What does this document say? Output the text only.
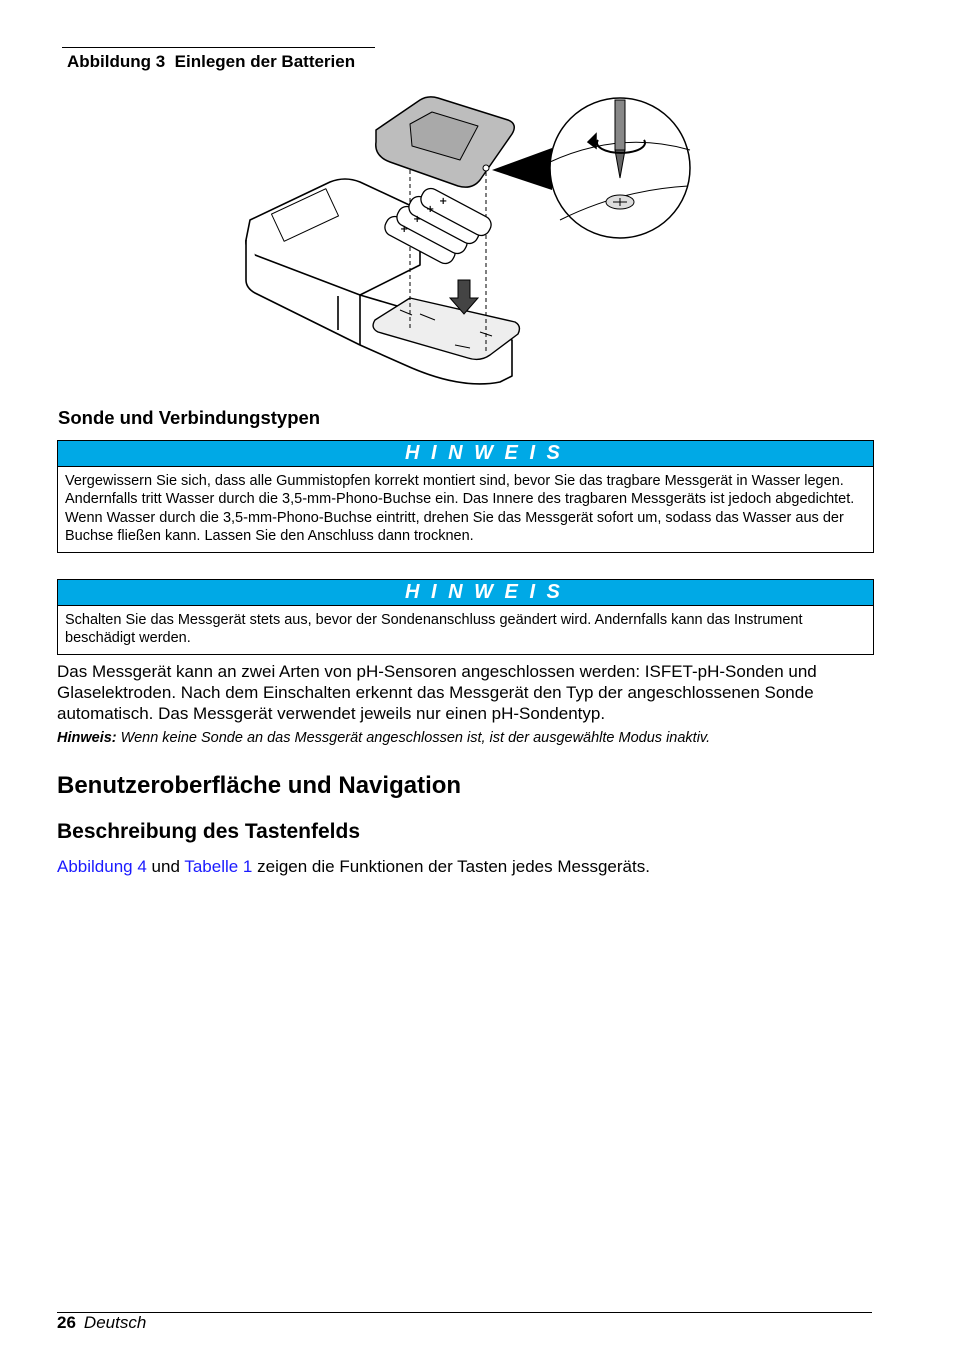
Abbildung 3 Einlegen der Batterien
+
+
+
+
Sonde und Verbindungstypen
H I N W E I S
Vergewissern Sie sich, dass alle Gummistopfen korrekt montiert sind, bevor Sie das tragbare Messgerät in Wasser legen. Andernfalls tritt Wasser durch die 3,5-mm-Phono-Buchse ein. Das Innere des tragbaren Messgeräts ist jedoch abgedichtet. Wenn Wasser durch die 3,5-mm-Phono-Buchse eintritt, drehen Sie das Messgerät sofort um, sodass das Wasser aus der Buchse fließen kann. Lassen Sie den Anschluss dann trocknen.
H I N W E I S
Schalten Sie das Messgerät stets aus, bevor der Sondenanschluss geändert wird. Andernfalls kann das Instrument beschädigt werden.

Das Messgerät kann an zwei Arten von pH-Sensoren angeschlossen werden: ISFET-pH-Sonden und Glaselektroden. Nach dem Einschalten erkennt das Messgerät den Typ der angeschlossenen Sonde automatisch. Das Messgerät verwendet jeweils nur einen pH-Sondentyp.

Hinweis: Wenn keine Sonde an das Messgerät angeschlossen ist, ist der ausgewählte Modus inaktiv.

Benutzeroberfläche und Navigation
Beschreibung des Tastenfelds

Abbildung 4 und Tabelle 1 zeigen die Funktionen der Tasten jedes Messgeräts.

26 Deutsch
